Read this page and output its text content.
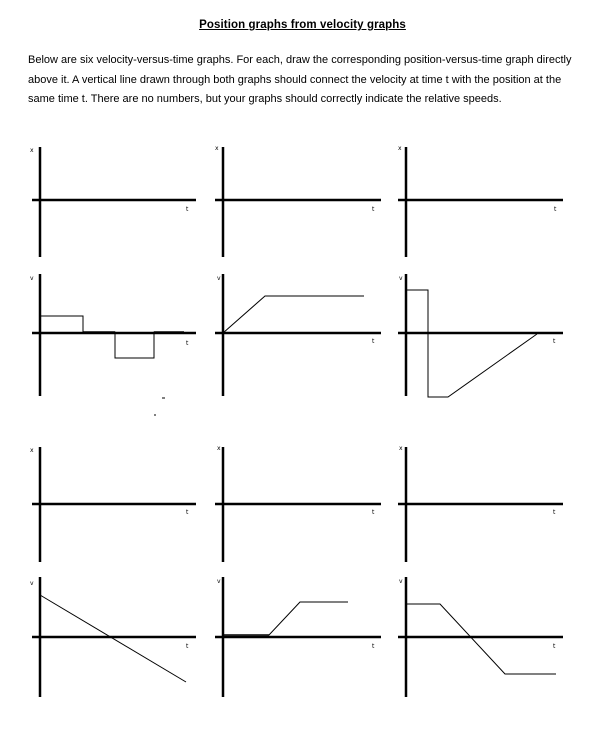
Position graphs from velocity graphs

Below are six velocity-versus-time graphs. For each, draw the corresponding position-versus-time graph directly above it. A vertical line drawn through both graphs should connect the velocity at time t with the position at the same time t. There are no numbers, but your graphs should correctly indicate the relative speeds.

x
t
x
t
x
t
v
t
v
t
v
t
x
t
x
t
x
t
v
t
v
t
v
t
